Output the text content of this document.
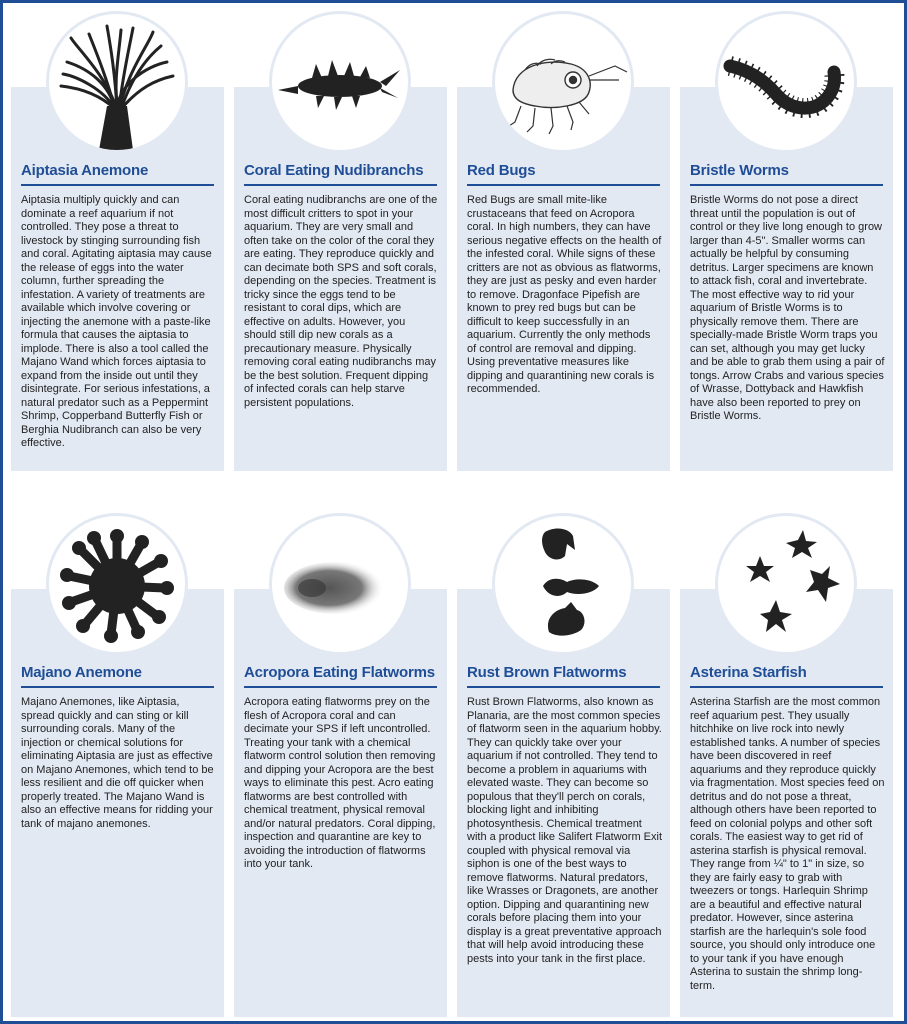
Aiptasia Anemone

Aiptasia multiply quickly and can dominate a reef aquarium if not controlled. They pose a threat to livestock by stinging surrounding fish and coral. Agitating aiptasia may cause the release of eggs into the water column, further spreading the infestation. A variety of treatments are available which involve covering or injecting the anemone with a paste-like formula that causes the aiptasia to implode. There is also a tool called the Majano Wand which forces aiptasia to expand from the inside out until they disintegrate. For serious infestations, a natural predator such as a Peppermint Shrimp, Copperband Butterfly Fish or Berghia Nudibranch can also be very effective.

Coral Eating Nudibranchs

Coral eating nudibranchs are one of the most difficult critters to spot in your aquarium. They are very small and often take on the color of the coral they are eating. They reproduce quickly and can decimate both SPS and soft corals, depending on the species. Treatment is tricky since the eggs tend to be resistant to coral dips, which are effective on adults. However, you should still dip new corals as a precautionary measure. Physically removing coral eating nudibranchs may be the best solution. Frequent dipping of infected corals can help starve persistent populations.

Red Bugs

Red Bugs are small mite-like crustaceans that feed on Acropora coral. In high numbers, they can have serious negative effects on the health of the infested coral. While signs of these critters are not as obvious as flatworms, they are just as pesky and even harder to remove. Dragonface Pipefish are known to prey red bugs but can be difficult to keep successfully in an aquarium. Currently the only methods of control are removal and dipping. Using preventative measures like dipping and quarantining new corals is recommended.

Bristle Worms

Bristle Worms do not pose a direct threat until the population is out of control or they live long enough to grow larger than 4-5". Smaller worms can actually be helpful by consuming detritus. Larger specimens are known to attack fish, coral and invertebrate. The most effective way to rid your aquarium of Bristle Worms is to physically remove them. There are specially-made Bristle Worm traps you can set, although you may get lucky and be able to grab them using a pair of tongs. Arrow Crabs and various species of Wrasse, Dottyback and Hawkfish have also been reported to prey on Bristle Worms.

Majano Anemone

Majano Anemones, like Aiptasia, spread quickly and can sting or kill surrounding corals. Many of the injection or chemical solutions for eliminating Aiptasia are just as effective on Majano Anemones, which tend to be less resilient and die off quicker when properly treated. The Majano Wand is also an effective means for ridding your tank of majano anemones.

Acropora Eating Flatworms

Acropora eating flatworms prey on the flesh of Acropora coral and can decimate your SPS if left uncontrolled. Treating your tank with a chemical flatworm control solution then removing and dipping your Acropora are the best ways to eliminate this pest. Acro eating flatworms are best controlled with chemical treatment, physical removal and/or natural predators. Coral dipping, inspection and quarantine are key to avoiding the introduction of flatworms into your tank.

Rust Brown Flatworms

Rust Brown Flatworms, also known as Planaria, are the most common species of flatworm seen in the aquarium hobby. They can quickly take over your aquarium if not controlled. They tend to become a problem in aquariums with elevated waste. They can become so populous that they'll perch on corals, blocking light and inhibiting photosynthesis. Chemical treatment with a product like Salifert Flatworm Exit coupled with physical removal via siphon is one of the best ways to remove flatworms. Natural predators, like Wrasses or Dragonets, are another option. Dipping and quarantining new corals before placing them into your display is a great preventative approach that will help avoid introducing these pests into your tank in the first place.

Asterina Starfish

Asterina Starfish are the most common reef aquarium pest. They usually hitchhike on live rock into newly established tanks. A number of species have been discovered in reef aquariums and they reproduce quickly via fragmentation. Most species feed on detritus and do not pose a threat, although others have been reported to feed on colonial polyps and other soft corals. The easiest way to get rid of asterina starfish is physical removal. They range from ¼" to 1" in size, so they are fairly easy to grab with tweezers or tongs. Harlequin Shrimp are a beautiful and effective natural predator. However, since asterina starfish are the harlequin's sole food source, you should only introduce one to your tank if you have enough Asterina to sustain the shrimp long-term.
